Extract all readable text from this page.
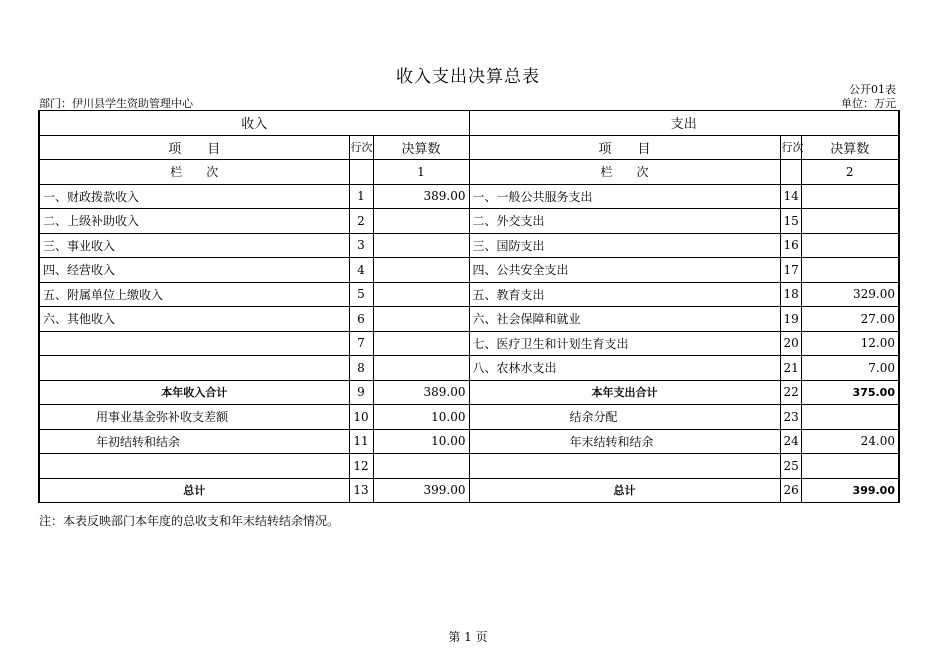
收入支出决算总表
公开01表
部门：伊川县学生资助管理中心	单位：万元
收入			支出		
项　　目	行次	决算数	项　　目	行次	决算数
栏　　次		1	栏　　次		2
一、财政拨款收入	1	389.00	一、一般公共服务支出	14	
二、上级补助收入	2		二、外交支出	15	
三、事业收入	3		三、国防支出	16	
四、经营收入	4		四、公共安全支出	17	
五、附属单位上缴收入	5		五、教育支出	18	329.00
六、其他收入	6		六、社会保障和就业	19	27.00
	7		七、医疗卫生和计划生育支出	20	12.00
	8		八、农林水支出	21	7.00
本年收入合计	9	389.00	本年支出合计	22	375.00
用事业基金弥补收支差额	10	10.00	结余分配	23	
年初结转和结余	11	10.00	年末结转和结余	24	24.00
	12			25	
总计	13	399.00	总计	26	399.00
注：本表反映部门本年度的总收支和年末结转结余情况。
第 1 页
